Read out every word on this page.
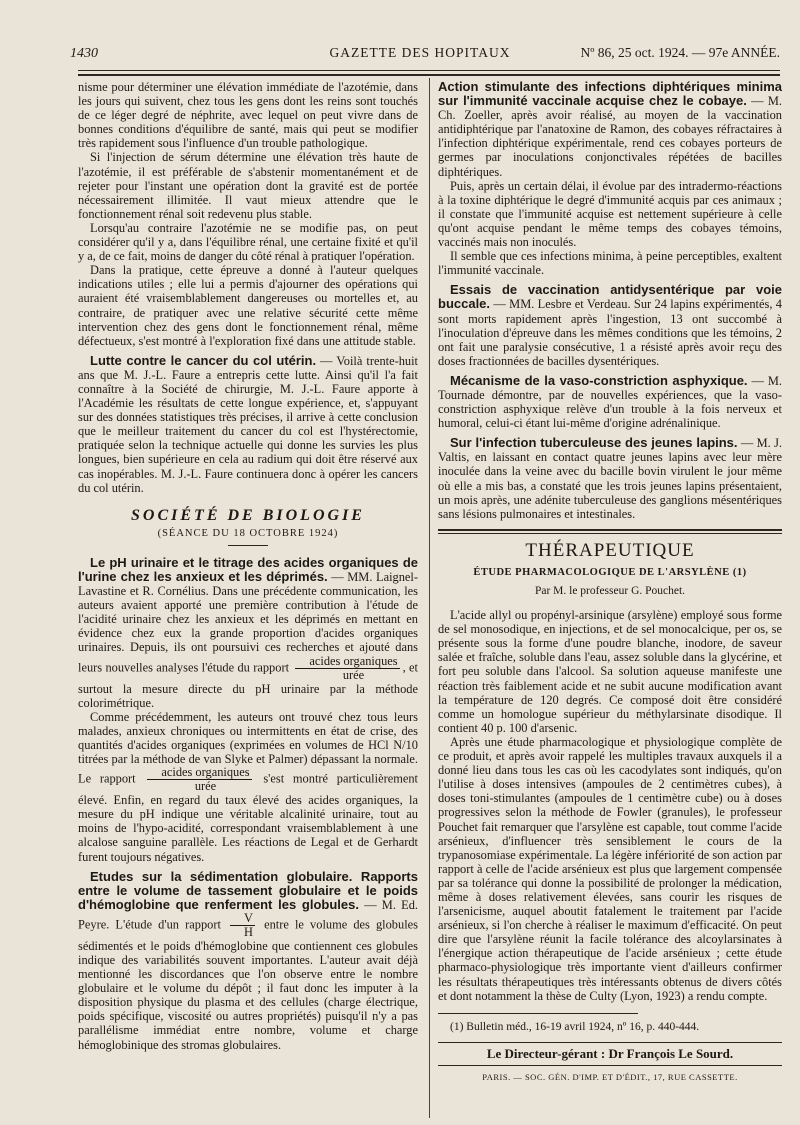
1430	GAZETTE DES HOPITAUX	Nº 86, 25 oct. 1924. — 97e ANNÉE.

nisme pour déterminer une élévation immédiate de l'azotémie, dans les jours qui suivent, chez tous les gens dont les reins sont touchés de ce léger degré de néphrite, avec lequel on peut vivre dans de bonnes conditions d'équilibre de santé, mais qui peut se modifier très rapidement sous l'influence d'un trouble pathologique.

Si l'injection de sérum détermine une élévation très haute de l'azotémie, il est préférable de s'abstenir momentanément et de rejeter pour l'instant une opération dont la gravité est de portée nécessairement illimitée. Il vaut mieux attendre que le fonctionnement rénal soit redevenu plus stable.

Lorsqu'au contraire l'azotémie ne se modifie pas, on peut considérer qu'il y a, dans l'équilibre rénal, une certaine fixité et qu'il y a, de ce fait, moins de danger du côté rénal à pratiquer l'opération.

Dans la pratique, cette épreuve a donné à l'auteur quelques indications utiles ; elle lui a permis d'ajourner des opérations qui auraient été vraisemblablement dangereuses ou mortelles et, au contraire, de pratiquer avec une relative sécurité cette même intervention chez des gens dont le fonctionnement rénal, même défectueux, s'est montré à l'exploration fixé dans une attitude stable.

Lutte contre le cancer du col utérin. — Voilà trente-huit ans que M. J.-L. Faure a entrepris cette lutte. Ainsi qu'il l'a fait connaître à la Société de chirurgie, M. J.-L. Faure apporte à l'Académie les résultats de cette longue expérience, et, s'appuyant sur des données statistiques très précises, il arrive à cette conclusion que le meilleur traitement du cancer du col est l'hystérectomie, pratiquée selon la technique actuelle qui donne les survies les plus longues, bien supérieure en cela au radium qui doit être réservé aux cas inopérables. M. J.-L. Faure continuera donc à opérer les cancers du col utérin.

SOCIÉTÉ DE BIOLOGIE
(SÉANCE DU 18 OCTOBRE 1924)

Le pH urinaire et le titrage des acides organiques de l'urine chez les anxieux et les déprimés. — MM. Laignel-Lavastine et R. Cornélius. Dans une précédente communication, les auteurs avaient apporté une première contribution à l'étude de l'acidité urinaire chez les anxieux et les déprimés en mettant en évidence chez eux la grande proportion d'acides organiques urinaires. Depuis, ils ont poursuivi ces recherches et ajouté dans leurs nouvelles analyses l'étude du rapport $\frac{\text{acides organiques}}{\text{urée}}$ , et surtout la mesure directe du pH urinaire par la méthode colorimétrique.

Comme précédemment, les auteurs ont trouvé chez tous leurs malades, anxieux chroniques ou intermittents en état de crise, des quantités d'acides organiques (exprimées en volumes de HCl N/10 titrées par la méthode de van Slyke et Palmer) dépassant la normale. Le rapport $\frac{\text{acides organiques}}{\text{urée}} s'est$ montré particulièrement élevé. Enfin, en regard du taux élevé des acides organiques, la mesure du pH indique une véritable alcalinité urinaire, tout au moins de l'hypo-acidité, correspondant vraisemblablement à une alcalose sanguine parallèle. Les réactions de Legal et de Gerhardt furent toujours négatives.

Etudes sur la sédimentation globulaire. Rapports entre le volume de tassement globulaire et le poids d'hémoglobine que renferment les globules. — M. Ed. Peyre. L'étude d'un rapport $\frac{V}{H}$ entre le volume des globules sédimentés et le poids d'hémoglobine que contiennent ces globules indique des variabilités souvent importantes. L'auteur avait déjà mentionné les discordances que l'on observe entre le nombre globulaire et le volume du dépôt ; il faut donc les imputer à la disposition physique du plasma et des cellules (charge électrique, poids spécifique, viscosité ou autres propriétés) puisqu'il n'y a pas parallélisme immédiat entre nombre, volume et charge hémoglobinique des stromas globulaires.

Action stimulante des infections diphtériques minima sur l'immunité vaccinale acquise chez le cobaye. — M. Ch. Zoeller, après avoir réalisé, au moyen de la vaccination antidiphtérique par l'anatoxine de Ramon, des cobayes réfractaires à l'infection diphtérique expérimentale, rend ces cobayes porteurs de germes par inoculations conjonctivales répétées de bacilles diphtériques.

Puis, après un certain délai, il évolue par des intradermo-réactions à la toxine diphtérique le degré d'immunité acquis par ces animaux ; il constate que l'immunité acquise est nettement supérieure à celle qu'ont acquise pendant le même temps des cobayes témoins, vaccinés mais non inoculés.

Il semble que ces infections minima, à peine perceptibles, exaltent l'immunité vaccinale.

Essais de vaccination antidysentérique par voie buccale. — MM. Lesbre et Verdeau. Sur 24 lapins expérimentés, 4 sont morts rapidement après l'ingestion, 13 ont succombé à l'inoculation d'épreuve dans les mêmes conditions que les témoins, 2 ont fait une paralysie consécutive, 1 a résisté après avoir reçu des doses fractionnées de bacilles dysentériques.

Mécanisme de la vaso-constriction asphyxique. — M. Tournade démontre, par de nouvelles expériences, que la vaso-constriction asphyxique relève d'un trouble à la fois nerveux et humoral, celui-ci étant lui-même d'origine adrénalinique.

Sur l'infection tuberculeuse des jeunes lapins. — M. J. Valtis, en laissant en contact quatre jeunes lapins avec leur mère inoculée dans la veine avec du bacille bovin virulent le jour même où elle a mis bas, a constaté que les trois jeunes lapins présentaient, un mois après, une adénite tuberculeuse des ganglions mésentériques sans lésions pulmonaires et intestinales.

THÉRAPEUTIQUE
ÉTUDE PHARMACOLOGIQUE DE L'ARSYLÈNE (1)
Par M. le professeur G. Pouchet.

L'acide allyl ou propényl-arsinique (arsylène) employé sous forme de sel monosodique, en injections, et de sel monocalcique, per os, se présente sous la forme d'une poudre blanche, inodore, de saveur salée et fraîche, soluble dans l'eau, assez soluble dans la glycérine, et fort peu soluble dans l'alcool. Sa solution aqueuse manifeste une réaction très faiblement acide et ne subit aucune modification avant la température de 120 degrés. Ce composé doit être considéré comme un homologue supérieur du méthylarsinate disodique. Il contient 40 p. 100 d'arsenic.

Après une étude pharmacologique et physiologique complète de ce produit, et après avoir rappelé les multiples travaux auxquels il a donné lieu dans tous les cas où les cacodylates sont indiqués, qu'on l'utilise à doses intensives (ampoules de 2 centimètres cubes), à doses toni-stimulantes (ampoules de 1 centimètre cube) ou à doses progressives selon la méthode de Fowler (granules), le professeur Pouchet fait remarquer que l'arsylène est capable, tout comme l'acide arsénieux, d'influencer très sensiblement le cours de la trypanosomiase expérimentale. La légère infériorité de son action par rapport à celle de l'acide arsénieux est plus que largement compensée par sa tolérance qui donne la possibilité de prolonger la médication, même à doses relativement élevées, sans courir les risques de l'arsenicisme, auquel aboutit fatalement le traitement par l'acide arsénieux, si l'on cherche à réaliser le maximum d'efficacité. On peut dire que l'arsylène réunit la facile tolérance des alcoylarsinates à l'énergique action thérapeutique de l'acide arsénieux ; cette étude pharmaco-physiologique très importante vient d'ailleurs confirmer les résultats thérapeutiques très intéressants obtenus de divers côtés et dont notamment la thèse de Culty (Lyon, 1923) a rendu compte.

(1) Bulletin méd., 16-19 avril 1924, nº 16, p. 440-444.

Le Directeur-gérant : Dr François Le Sourd.
PARIS. — SOC. GÉN. D'IMP. ET D'ÉDIT., 17, RUE CASSETTE.
